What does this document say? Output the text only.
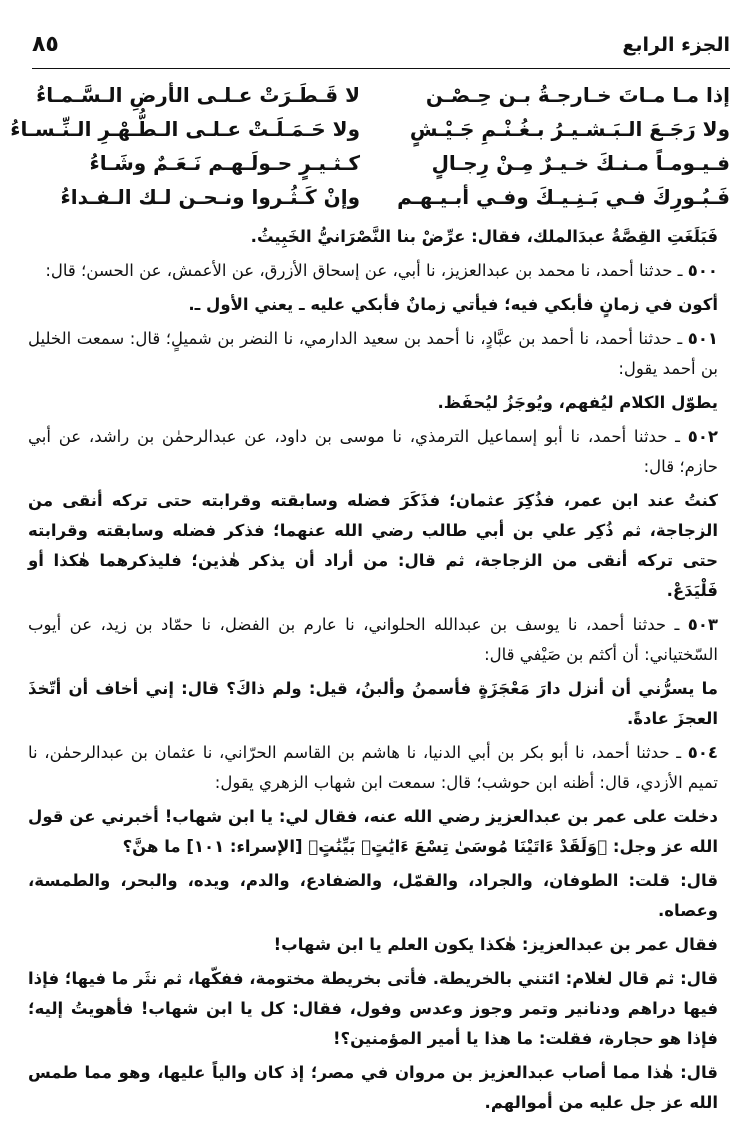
الجزء الرابع
٨٥
إذا مـا مـاتَ خـارجـةُ بـن حِـصْـن
لا قَـطَـرَتْ عـلـى الأرضِ الـسَّـمـاءُ
ولا رَجَـعَ الـبَـشـيـرُ بـغُـنْـمِ جَـيْـشٍ
ولا حَـمَـلَـتْ عـلـى الـطُّـهْـرِ الـنِّـسـاءُ
فـيـومـاً مـنـكَ خـيـرٌ مِـنْ رِجـالٍ
كـثـيـرٍ حـولَـهـم نَـعَـمٌ وشَـاءُ
فَـبُـورِكَ فـي بَـنِـيـكَ وفـي أبـيـهـم
وإنْ كَـثُـروا ونـحـن لـك الـفـداءُ

فَبَلَغَتِ القِصَّةُ عبدَالملك، فقال: عرِّضْ بنا النَّصْرَانيُّ الخَبِيثُ.

٥٠٠ ـ حدثنا أحمد، نا محمد بن عبدالعزيز، نا أبي، عن إسحاق الأزرق، عن الأعمش، عن الحسن؛ قال:

أكون في زمانٍ فأبكي فيه؛ فيأتي زمانٌ فأبكي عليه ـ يعني الأول ـ.

٥٠١ ـ حدثنا أحمد، نا أحمد بن عبَّادٍ، نا أحمد بن سعيد الدارمي، نا النضر بن شميلٍ؛ قال: سمعت الخليل بن أحمد يقول:

يطوّل الكلام ليُفهم، ويُوجَزُ ليُحفَظ.

٥٠٢ ـ حدثنا أحمد، نا أبو إسماعيل الترمذي، نا موسى بن داود، عن عبدالرحمٰن بن راشد، عن أبي حازم؛ قال:

كنتُ عند ابن عمر، فذُكِرَ عثمان؛ فذَكَرَ فضله وسابقته وقرابته حتى تركه أنقى من الزجاجة، ثم ذُكِر علي بن أبي طالب رضي الله عنهما؛ فذكر فضله وسابقته وقرابته حتى تركه أنقى من الزجاجة، ثم قال: من أراد أن يذكر هٰذين؛ فليذكرهما هٰكذا أو فَلْيَدَعْ.

٥٠٣ ـ حدثنا أحمد، نا يوسف بن عبدالله الحلواني، نا عارم بن الفضل، نا حمّاد بن زيد، عن أيوب السّختياني: أن أكثم بن صَيْفي قال:

ما يسرُّني أن أنزل دارَ مَعْجَزَةٍ فأسمنُ وألبنُ، قيل: ولم ذاكَ؟ قال: إني أخاف أن أتّخذَ العجزَ عادةً.

٥٠٤ ـ حدثنا أحمد، نا أبو بكر بن أبي الدنيا، نا هاشم بن القاسم الحرّاني، نا عثمان بن عبدالرحمٰن، نا تميم الأزدي، قال: أظنه ابن حوشب؛ قال: سمعت ابن شهاب الزهري يقول:

دخلت على عمر بن عبدالعزيز رضي الله عنه، فقال لي: يا ابن شهاب! أخبرني عن قول الله عز وجل: ﴿وَلَقَدْ ءَاتَيْنَا مُوسَىٰ تِسْعَ ءَايَٰتٍۭ بَيِّنَٰتٍ﴾ [الإسراء: ١٠١] ما هنَّ؟

قال: قلت: الطوفان، والجراد، والقمّل، والضفادع، والدم، ويده، والبحر، والطمسة، وعصاه.

فقال عمر بن عبدالعزيز: هٰكذا يكون العلم يا ابن شهاب!

قال: ثم قال لغلام: ائتني بالخريطة. فأتى بخريطة مختومة، ففكّها، ثم نثَر ما فيها؛ فإذا فيها دراهم ودنانير وتمر وجوز وعدس وفول، فقال: كل يا ابن شهاب! فأهويتُ إليه؛ فإذا هو حجارة، فقلت: ما هذا يا أمير المؤمنين؟!

قال: هٰذا مما أصاب عبدالعزيز بن مروان في مصر؛ إذ كان والياً عليها، وهو مما طمس الله عز جل عليه من أموالهم.
